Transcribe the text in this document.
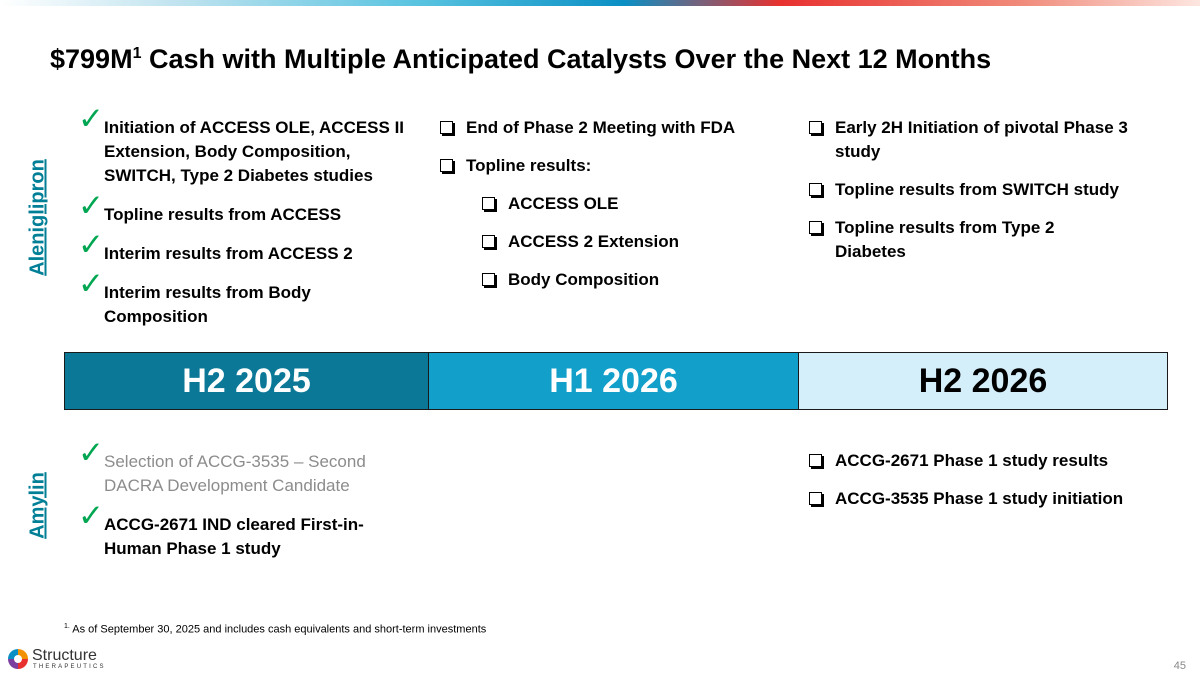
$\$799M^1$ Cash with Multiple Anticipated Catalysts Over the Next 12 Months
Aleniglipron
Amylin
✓ Initiation of ACCESS OLE, ACCESS II Extension, Body Composition, SWITCH, Type 2 Diabetes studies
✓ Topline results from ACCESS
✓ Interim results from ACCESS 2
✓ Interim results from Body Composition
End of Phase 2 Meeting with FDA
Topline results:
ACCESS OLE
ACCESS 2 Extension
Body Composition
Early 2H Initiation of pivotal Phase 3 study
Topline results from SWITCH study
Topline results from Type 2 Diabetes
H2 2025	H1 2026	H2 2026
✓ Selection of ACCG-3535 – Second DACRA Development Candidate
✓ ACCG-2671 IND cleared First-in-Human Phase 1 study
ACCG-2671 Phase 1 study results
ACCG-3535 Phase 1 study initiation
$^{1.}$ As of September 30, 2025 and includes cash equivalents and short-term investments
Structure
THERAPEUTICS	45
